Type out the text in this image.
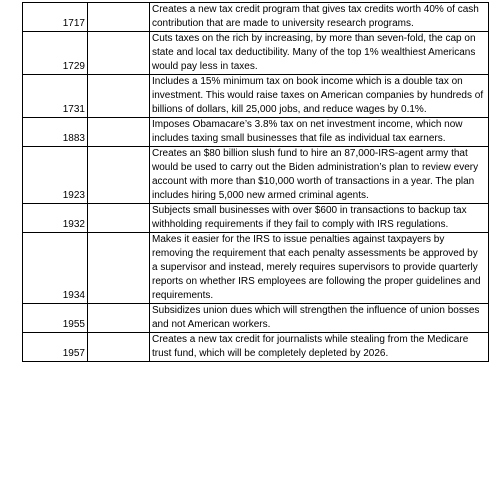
1717		Creates a new tax credit program that gives tax credits worth 40% of cash contribution that are made to university research programs.
1729		Cuts taxes on the rich by increasing, by more than seven-fold, the cap on state and local tax deductibility. Many of the top 1% wealthiest Americans would pay less in taxes.
1731		Includes a 15% minimum tax on book income which is a double tax on investment. This would raise taxes on American companies by hundreds of billions of dollars, kill 25,000 jobs, and reduce wages by 0.1%.
1883		Imposes Obamacare’s 3.8% tax on net investment income, which now includes taxing small businesses that file as individual tax earners.
1923		Creates an $80 billion slush fund to hire an 87,000-IRS-agent army that would be used to carry out the Biden administration’s plan to review every account with more than $10,000 worth of transactions in a year. The plan includes hiring 5,000 new armed criminal agents.
1932		Subjects small businesses with over $600 in transactions to backup tax withholding requirements if they fail to comply with IRS regulations.
1934		Makes it easier for the IRS to issue penalties against taxpayers by removing the requirement that each penalty assessments be approved by a supervisor and instead, merely requires supervisors to provide quarterly reports on whether IRS employees are following the proper guidelines and requirements.
1955		Subsidizes union dues which will strengthen the influence of union bosses and not American workers.
1957		Creates a new tax credit for journalists while stealing from the Medicare trust fund, which will be completely depleted by 2026.
